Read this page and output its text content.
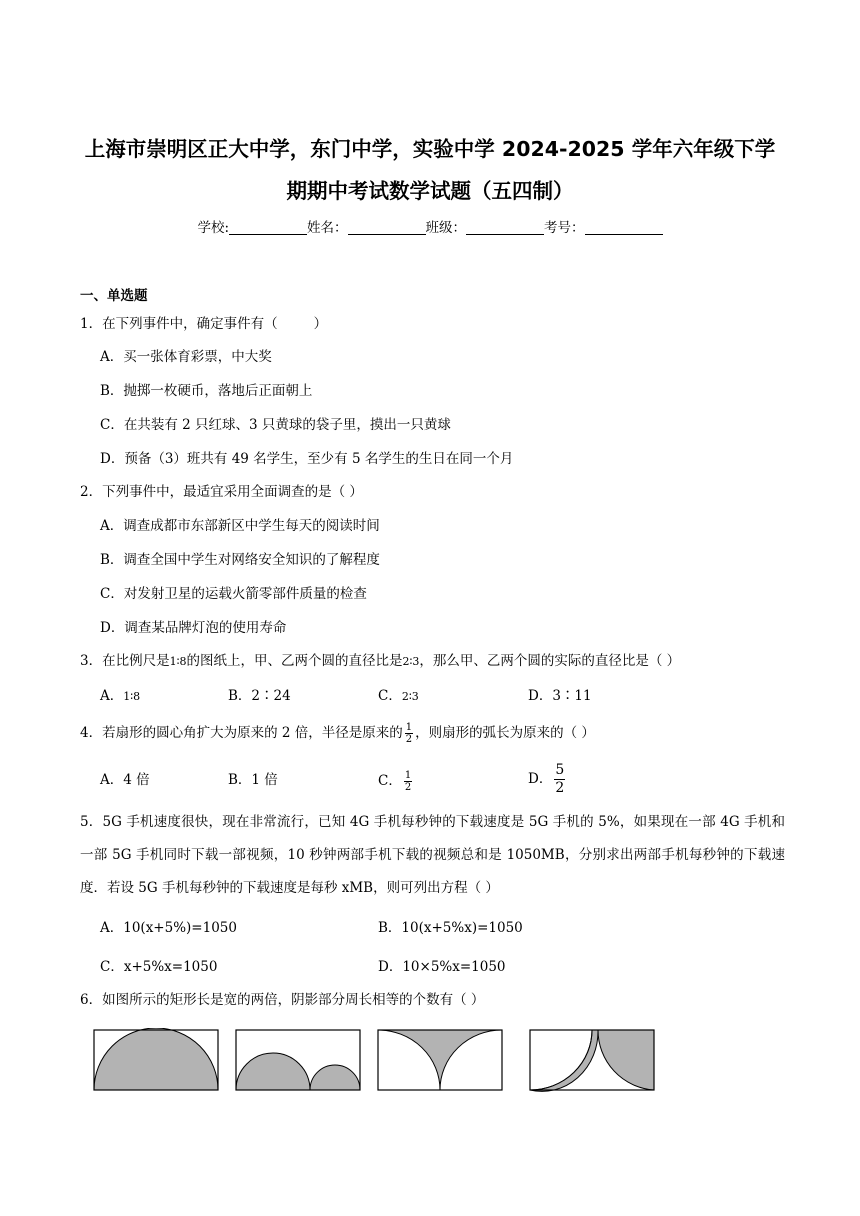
上海市崇明区正大中学，东门中学，实验中学 2024-2025 学年六年级下学
期期中考试数学试题（五四制）
学校:	姓名：	班级：	考号：
一、单选题
1．在下列事件中，确定事件有（	）
A．买一张体育彩票，中大奖
B．抛掷一枚硬币，落地后正面朝上
C．在共装有 2 只红球、3 只黄球的袋子里，摸出一只黄球
D．预备（3）班共有 49 名学生，至少有 5 名学生的生日在同一个月
2．下列事件中，最适宜采用全面调查的是（ ）
A．调查成都市东部新区中学生每天的阅读时间
B．调查全国中学生对网络安全知识的了解程度
C．对发射卫星的运载火箭零部件质量的检查
D．调查某品牌灯泡的使用寿命
3．在比例尺是1∶8的图纸上，甲、乙两个圆的直径比是2∶3，那么甲、乙两个圆的实际的直径比是（ ）
A．1∶8	B．2∶24	C．2∶3	D．3∶11
4．若扇形的圆心角扩大为原来的 2 倍，半径是原来的 $\frac{1}{2}$ ，则扇形的弧长为原来的（ ）
A．4 倍	B．1 倍	C． $\frac{1}{2}$	D． $\frac{5}{2}$
5．5G 手机速度很快，现在非常流行，已知 4G 手机每秒钟的下载速度是 5G 手机的 5%，如果现在一部 4G 手机和一部 5G 手机同时下载一部视频，10 秒钟两部手机下载的视频总和是 1050MB，分别求出两部手机每秒钟的下载速度．若设 5G 手机每秒钟的下载速度是每秒 xMB，则可列出方程（ ）
A．10(x+5%)=1050	B．10(x+5%x)=1050
C．x+5%x=1050	D．10×5%x=1050
6．如图所示的矩形长是宽的两倍，阴影部分周长相等的个数有（ ）
